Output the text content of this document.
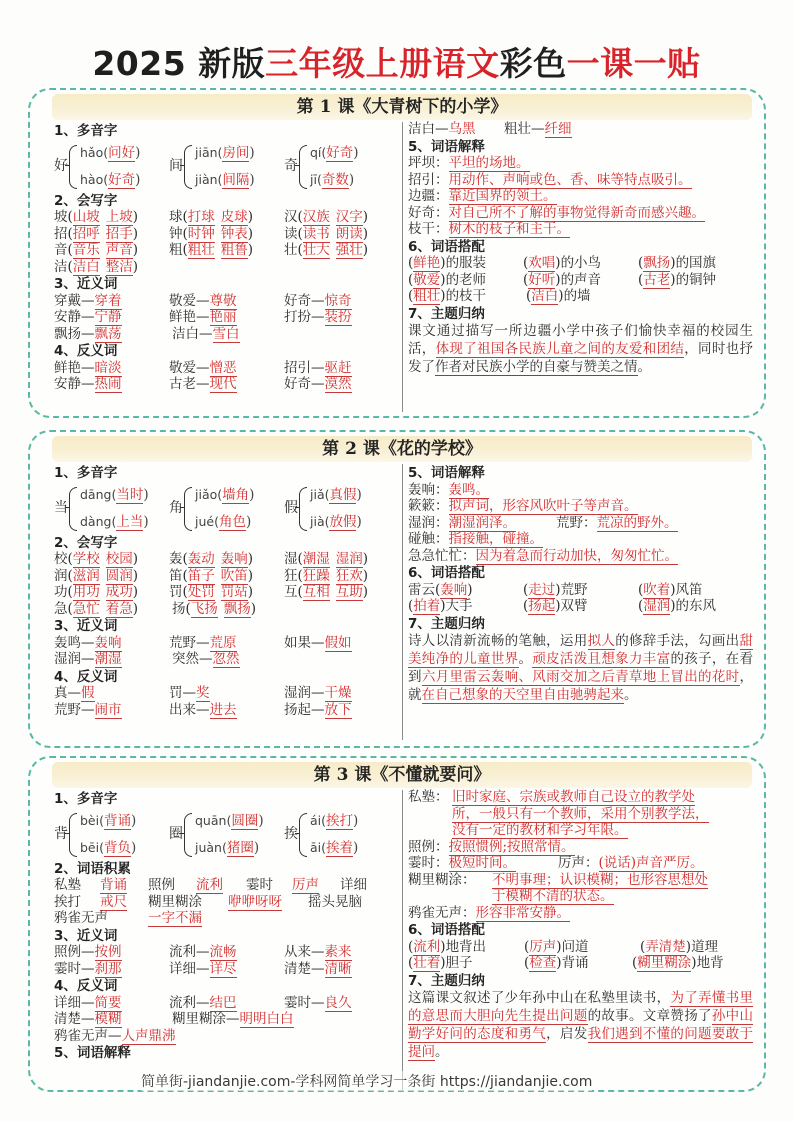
2025 新版三年级上册语文彩色一课一贴
第 1 课《大青树下的小学》
1、多音字
好
hǎo(问好)
hào(好奇)
间
jiān(房间)
jiàn(间隔)
奇
qí(好奇)
jī(奇数)
2、会写字
坡(山坡 上坡)	球(打球 皮球)	汉(汉族 汉字)
招(招呼 招手)	钟(时钟 钟表)	读(读书 朗读)
音(音乐 声音)	粗(粗壮 粗鲁)	壮(壮大 强壮)
洁(洁白 整洁)
3、近义词
穿戴—穿着	敬爱—尊敬	好奇—惊奇
安静—宁静	鲜艳—艳丽	打扮—装扮
飘扬—飘荡	洁白—雪白
4、反义词
鲜艳—暗淡	敬爱—憎恶	招引—驱赶
安静—热闹	古老—现代	好奇—漠然
洁白—乌黑	粗壮—纤细
5、词语解释
坪坝：平坦的场地。
招引：用动作、声响或色、香、味等特点吸引。
边疆：靠近国界的领土。
好奇：对自己所不了解的事物觉得新奇而感兴趣。
枝干：树木的枝子和主干。
6、词语搭配
(鲜艳)的服装	(欢唱)的小鸟	(飘扬)的国旗
(敬爱)的老师	(好听)的声音	(古老)的铜钟
(粗壮)的枝干	(洁白)的墙
7、主题归纳
课文通过描写一所边疆小学中孩子们愉快幸福的校园生活，体现了祖国各民族儿童之间的友爱和团结，同时也抒发了作者对民族小学的自豪与赞美之情。
第 2 课《花的学校》
1、多音字
当
dāng(当时)
dàng(上当)
角
jiǎo(墙角)
jué(角色)
假
jiǎ(真假)
jià(放假)
2、会写字
校(学校 校园)	轰(轰动 轰响)	湿(潮湿 湿润)
润(滋润 圆润)	笛(笛子 吹笛)	狂(狂躁 狂欢)
功(用功 成功)	罚(处罚 罚站)	互(互相 互助)
急(急忙 着急)	扬(飞扬 飘扬)
3、近义词
轰鸣—轰响	荒野—荒原	如果—假如
湿润—潮湿	突然—忽然
4、反义词
真—假	罚—奖	湿润—干燥
荒野—闹市	出来—进去	扬起—放下
5、词语解释
轰响：轰鸣。
簌簌：拟声词，形容风吹叶子等声音。
湿润：潮湿润泽。	荒野：荒凉的野外。
碰触：指接触，碰撞。
急急忙忙：因为着急而行动加快，匆匆忙忙。
6、词语搭配
雷云(轰响)	(走过)荒野	(吹着)风笛
(拍着)大手	(扬起)双臂	(湿润)的东风
7、主题归纳
诗人以清新流畅的笔触，运用拟人的修辞手法，勾画出甜美纯净的儿童世界。顽皮活泼且想象力丰富的孩子，在看到六月里雷云轰响、风雨交加之后青草地上冒出的花时，就在自己想象的天空里自由驰骋起来。
第 3 课《不懂就要问》
1、多音字
背
bèi(背诵)
bēi(背负)
圈
quān(圆圈)
juàn(猪圈)
挨
ái(挨打)
āi(挨着)
2、词语积累
私塾	背诵	照例	流利	霎时	厉声	详细
挨打	戒尺	糊里糊涂	咿咿呀呀	摇头晃脑
鸦雀无声	一字不漏
3、近义词
照例—按例	流利—流畅	从来—素来
霎时—刹那	详细—详尽	清楚—清晰
4、反义词
详细—简要	流利—结巴	霎时—良久
清楚—模糊	糊里糊涂—明明白白
鸦雀无声—人声鼎沸
5、词语解释
私塾： 旧时家庭、宗族或教师自己设立的教学处
所，一般只有一个教师，采用个别教学法，
没有一定的教材和学习年限。
照例：按照惯例;按照常情。
霎时：极短时间。	厉声：(说话)声音严厉。
糊里糊涂：	不明事理；认识模糊；也形容思想处
于模糊不清的状态。
鸦雀无声：形容非常安静。
6、词语搭配
(流利)地背出	(厉声)问道	(弄清楚)道理
(壮着)胆子	(检查)背诵	(糊里糊涂)地背
7、主题归纳
这篇课文叙述了少年孙中山在私塾里读书，为了弄懂书里的意思而大胆向先生提出问题的故事。文章赞扬了孙中山勤学好问的态度和勇气，启发我们遇到不懂的问题要敢于提问。
简单街-jiandanjie.com-学科网简单学习一条街 https://jiandanjie.com
